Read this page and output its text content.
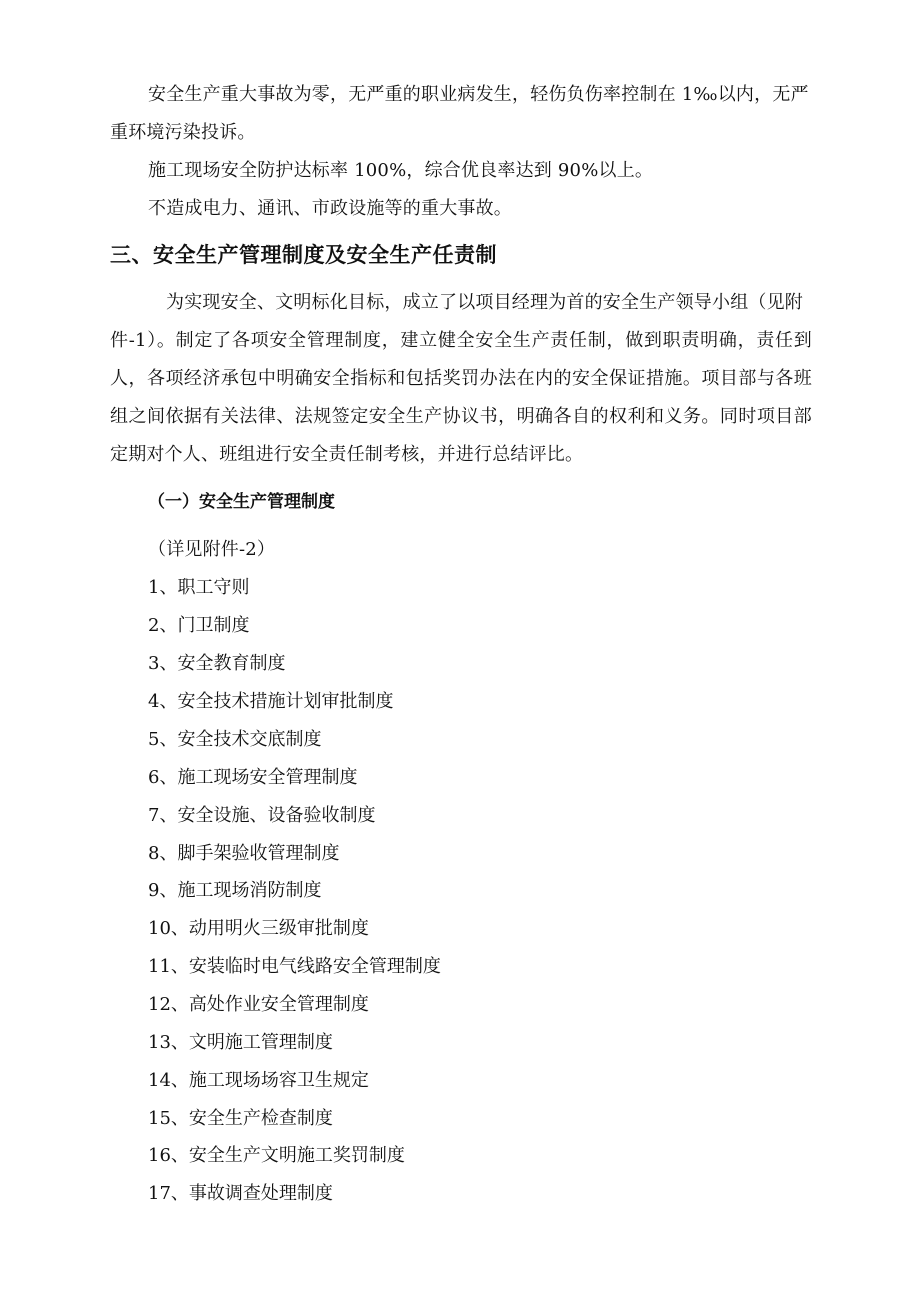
安全生产重大事故为零，无严重的职业病发生，轻伤负伤率控制在 1‰以内，无严
重环境污染投诉。
施工现场安全防护达标率 100%，综合优良率达到 90%以上。
不造成电力、通讯、市政设施等的重大事故。
三、安全生产管理制度及安全生产任责制
为实现安全、文明标化目标，成立了以项目经理为首的安全生产领导小组（见附
件-1）。制定了各项安全管理制度，建立健全安全生产责任制，做到职责明确，责任到
人，各项经济承包中明确安全指标和包括奖罚办法在内的安全保证措施。项目部与各班
组之间依据有关法律、法规签定安全生产协议书，明确各自的权利和义务。同时项目部
定期对个人、班组进行安全责任制考核，并进行总结评比。
（一）安全生产管理制度
（详见附件-2）
1、职工守则
2、门卫制度
3、安全教育制度
4、安全技术措施计划审批制度
5、安全技术交底制度
6、施工现场安全管理制度
7、安全设施、设备验收制度
8、脚手架验收管理制度
9、施工现场消防制度
10、动用明火三级审批制度
11、安装临时电气线路安全管理制度
12、高处作业安全管理制度
13、文明施工管理制度
14、施工现场场容卫生规定
15、安全生产检查制度
16、安全生产文明施工奖罚制度
17、事故调查处理制度
